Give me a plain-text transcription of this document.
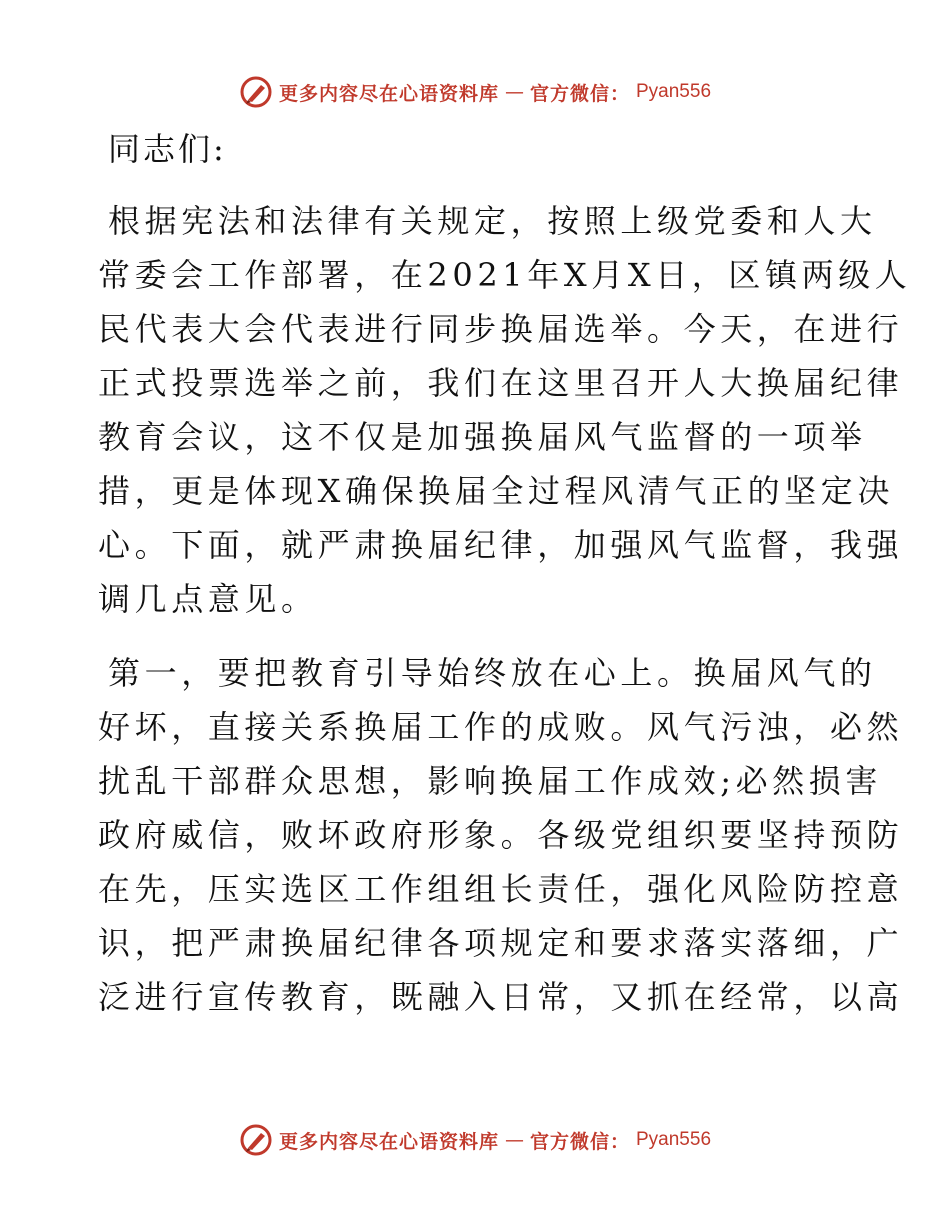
更多内容尽在心语资料库 — 官方微信： Pyan556
同志们:
根据宪法和法律有关规定，按照上级党委和人大
常委会工作部署，在2021年X月X日，区镇两级人
民代表大会代表进行同步换届选举。今天，在进行
正式投票选举之前，我们在这里召开人大换届纪律
教育会议，这不仅是加强换届风气监督的一项举
措，更是体现X确保换届全过程风清气正的坚定决
心。下面，就严肃换届纪律，加强风气监督，我强
调几点意见。
第一，要把教育引导始终放在心上。换届风气的
好坏，直接关系换届工作的成败。风气污浊，必然
扰乱干部群众思想，影响换届工作成效;必然损害
政府威信，败坏政府形象。各级党组织要坚持预防
在先，压实选区工作组组长责任，强化风险防控意
识，把严肃换届纪律各项规定和要求落实落细，广
泛进行宣传教育，既融入日常，又抓在经常，以高
更多内容尽在心语资料库 — 官方微信： Pyan556
